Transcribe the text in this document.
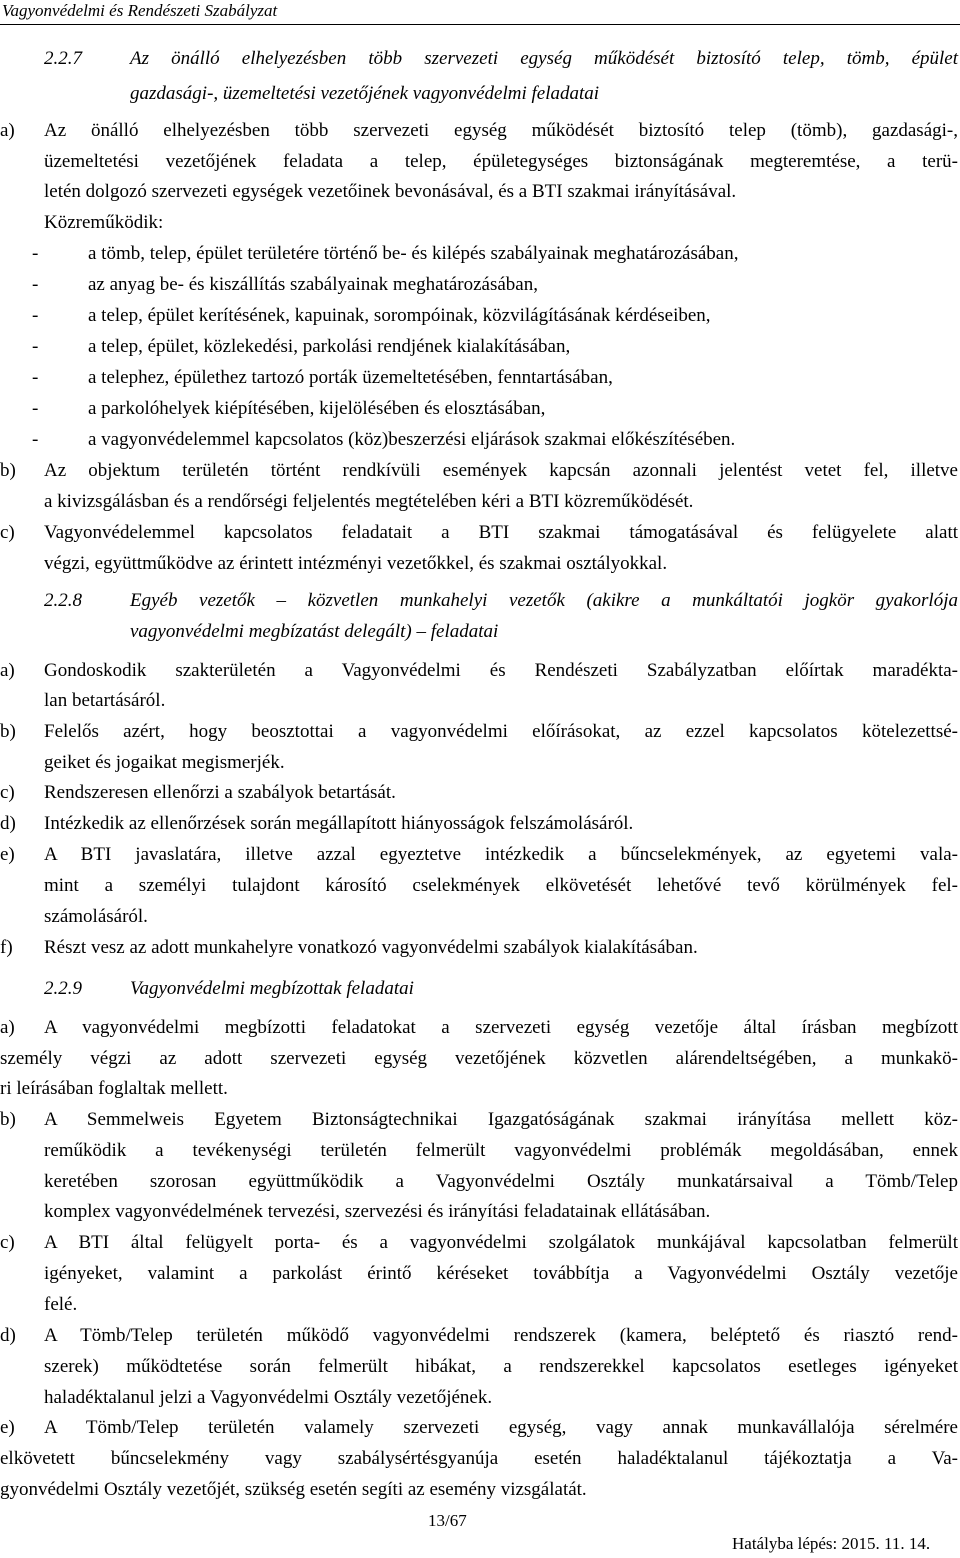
Vagyonvédelmi és Rendészeti Szabályzat
2.2.7	Az önálló elhelyezésben több szervezeti egység működését biztosító telep, tömb, épület
gazdasági-, üzemeltetési vezetőjének vagyonvédelmi feladatai
a) Az önálló elhelyezésben több szervezeti egység működését biztosító telep (tömb), gazdasági-,
üzemeltetési vezetőjének feladata a telep, épületegységes biztonságának megteremtése, a terü-
letén dolgozó szervezeti egységek vezetőinek bevonásával, és a BTI szakmai irányításával.
Közreműködik:
-	a tömb, telep, épület területére történő be- és kilépés szabályainak meghatározásában,
-	az anyag be- és kiszállítás szabályainak meghatározásában,
-	a telep, épület kerítésének, kapuinak, sorompóinak, közvilágításának kérdéseiben,
-	a telep, épület, közlekedési, parkolási rendjének kialakításában,
-	a telephez, épülethez tartozó porták üzemeltetésében, fenntartásában,
-	a parkolóhelyek kiépítésében, kijelölésében és elosztásában,
-	a vagyonvédelemmel kapcsolatos (köz)beszerzési eljárások szakmai előkészítésében.
b) Az objektum területén történt rendkívüli események kapcsán azonnali jelentést vetet fel, illetve
a kivizsgálásban és a rendőrségi feljelentés megtételében kéri a BTI közreműködését.
c) Vagyonvédelemmel kapcsolatos feladatait a BTI szakmai támogatásával és felügyelete alatt
végzi, együttműködve az érintett intézményi vezetőkkel, és szakmai osztályokkal.
2.2.8	Egyéb vezetők – közvetlen munkahelyi vezetők (akikre a munkáltatói jogkör gyakorlója
vagyonvédelmi megbízatást delegált) – feladatai
a) Gondoskodik szakterületén a Vagyonvédelmi és Rendészeti Szabályzatban előírtak maradékta-
lan betartásáról.
b) Felelős azért, hogy beosztottai a vagyonvédelmi előírásokat, az ezzel kapcsolatos kötelezettsé-
geiket és jogaikat megismerjék.
c) Rendszeresen ellenőrzi a szabályok betartását.
d) Intézkedik az ellenőrzések során megállapított hiányosságok felszámolásáról.
e) A BTI javaslatára, illetve azzal egyeztetve intézkedik a bűncselekmények, az egyetemi vala-
mint a személyi tulajdont károsító cselekmények elkövetését lehetővé tevő körülmények fel-
számolásáról.
f) Részt vesz az adott munkahelyre vonatkozó vagyonvédelmi szabályok kialakításában.
2.2.9	Vagyonvédelmi megbízottak feladatai
a) A vagyonvédelmi megbízotti feladatokat a szervezeti egység vezetője által írásban megbízott
személy végzi az adott szervezeti egység vezetőjének közvetlen alárendeltségében, a munkakö-
ri leírásában foglaltak mellett.
b) A Semmelweis Egyetem Biztonságtechnikai Igazgatóságának szakmai irányítása mellett köz-
reműködik a tevékenységi területén felmerült vagyonvédelmi problémák megoldásában, ennek
keretében szorosan együttműködik a Vagyonvédelmi Osztály munkatársaival a Tömb/Telep
komplex vagyonvédelmének tervezési, szervezési és irányítási feladatainak ellátásában.
c) A BTI által felügyelt porta- és a vagyonvédelmi szolgálatok munkájával kapcsolatban felmerült
igényeket, valamint a parkolást érintő kéréseket továbbítja a Vagyonvédelmi Osztály vezetője
felé.
d) A Tömb/Telep területén működő vagyonvédelmi rendszerek (kamera, beléptető és riasztó rend-
szerek) működtetése során felmerült hibákat, a rendszerekkel kapcsolatos esetleges igényeket
haladéktalanul jelzi a Vagyonvédelmi Osztály vezetőjének.
e) A Tömb/Telep területén valamely szervezeti egység, vagy annak munkavállalója sérelmére
elkövetett bűncselekmény vagy szabálysértésgyanúja esetén haladéktalanul tájékoztatja a Va-
gyonvédelmi Osztály vezetőjét, szükség esetén segíti az esemény vizsgálatát.
13/67
Hatályba lépés: 2015. 11. 14.
